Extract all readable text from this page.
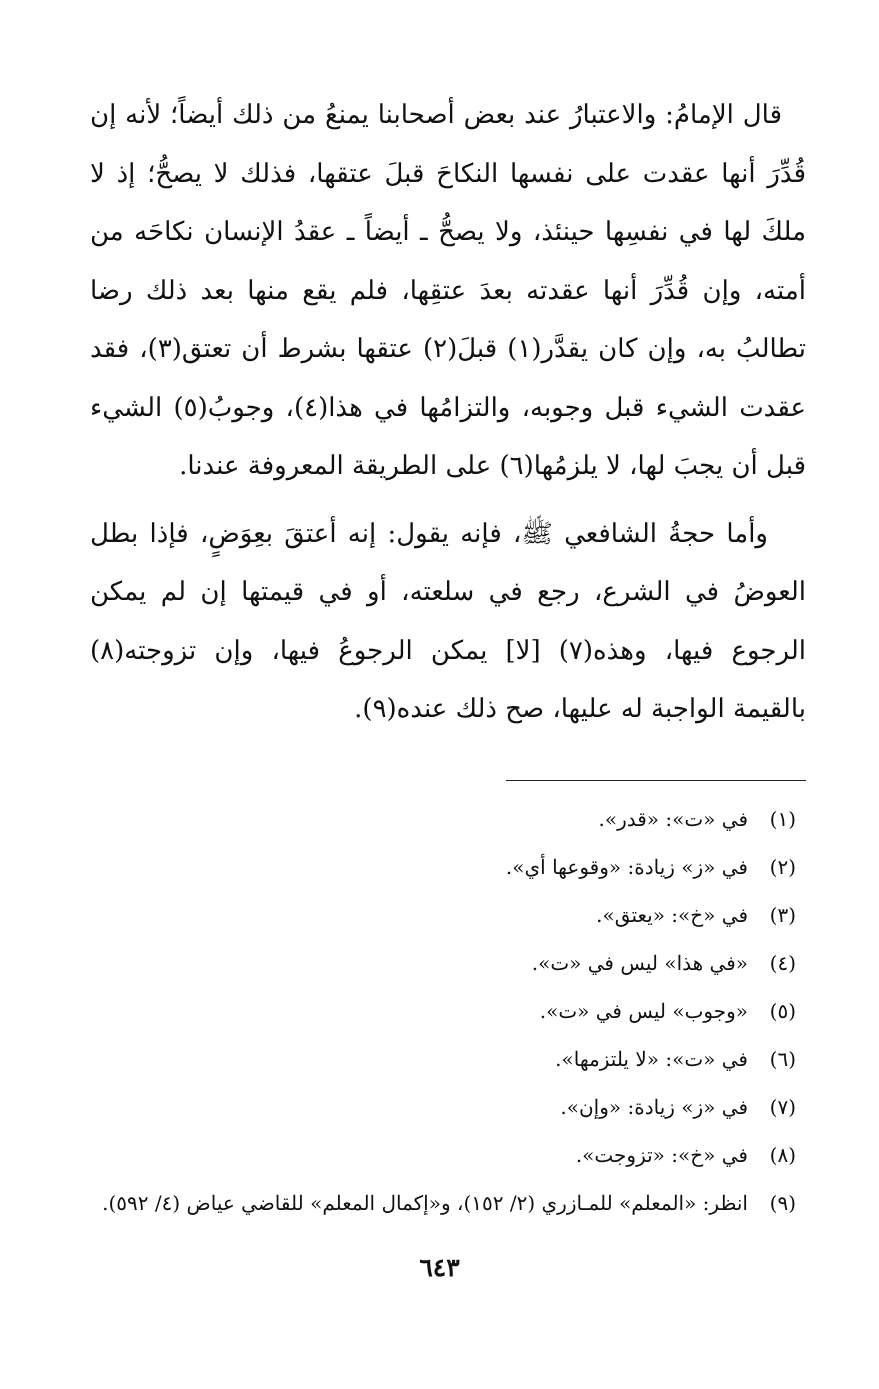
قال الإمامُ: والاعتبارُ عند بعض أصحابنا يمنعُ من ذلك أيضاً؛ لأنه إن قُدِّرَ أنها عقدت على نفسها النكاحَ قبلَ عتقها، فذلك لا يصحُّ؛ إذ لا ملكَ لها في نفسِها حينئذ، ولا يصحُّ ـ أيضاً ـ عقدُ الإنسان نكاحَه من أمته، وإن قُدِّرَ أنها عقدته بعدَ عتقِها، فلم يقع منها بعد ذلك رضا تطالبُ به، وإن كان يقدَّر(١) قبلَ(٢) عتقها بشرط أن تعتق(٣)، فقد عقدت الشيء قبل وجوبه، والتزامُها في هذا(٤)، وجوبُ(٥) الشيء قبل أن يجبَ لها، لا يلزمُها(٦) على الطريقة المعروفة عندنا.

وأما حجةُ الشافعي ﷺ، فإنه يقول: إنه أعتقَ بعِوَضٍ، فإذا بطل العوضُ في الشرع، رجع في سلعته، أو في قيمتها إن لم يمكن الرجوع فيها، وهذه(٧) [لا] يمكن الرجوعُ فيها، وإن تزوجته(٨) بالقيمة الواجبة له عليها، صح ذلك عنده(٩).

(١)
في «ت»: «قدر».
(٢)
في «ز» زيادة: «وقوعها أي».
(٣)
في «خ»: «يعتق».
(٤)
«في هذا» ليس في «ت».
(٥)
«وجوب» ليس في «ت».
(٦)
في «ت»: «لا يلتزمها».
(٧)
في «ز» زيادة: «وإن».
(٨)
في «خ»: «تزوجت».
(٩)
انظر: «المعلم» للمـازري (٢/ ١٥٢)، و«إكمال المعلم» للقاضي عياض (٤/ ٥٩٢).
٦٤٣
